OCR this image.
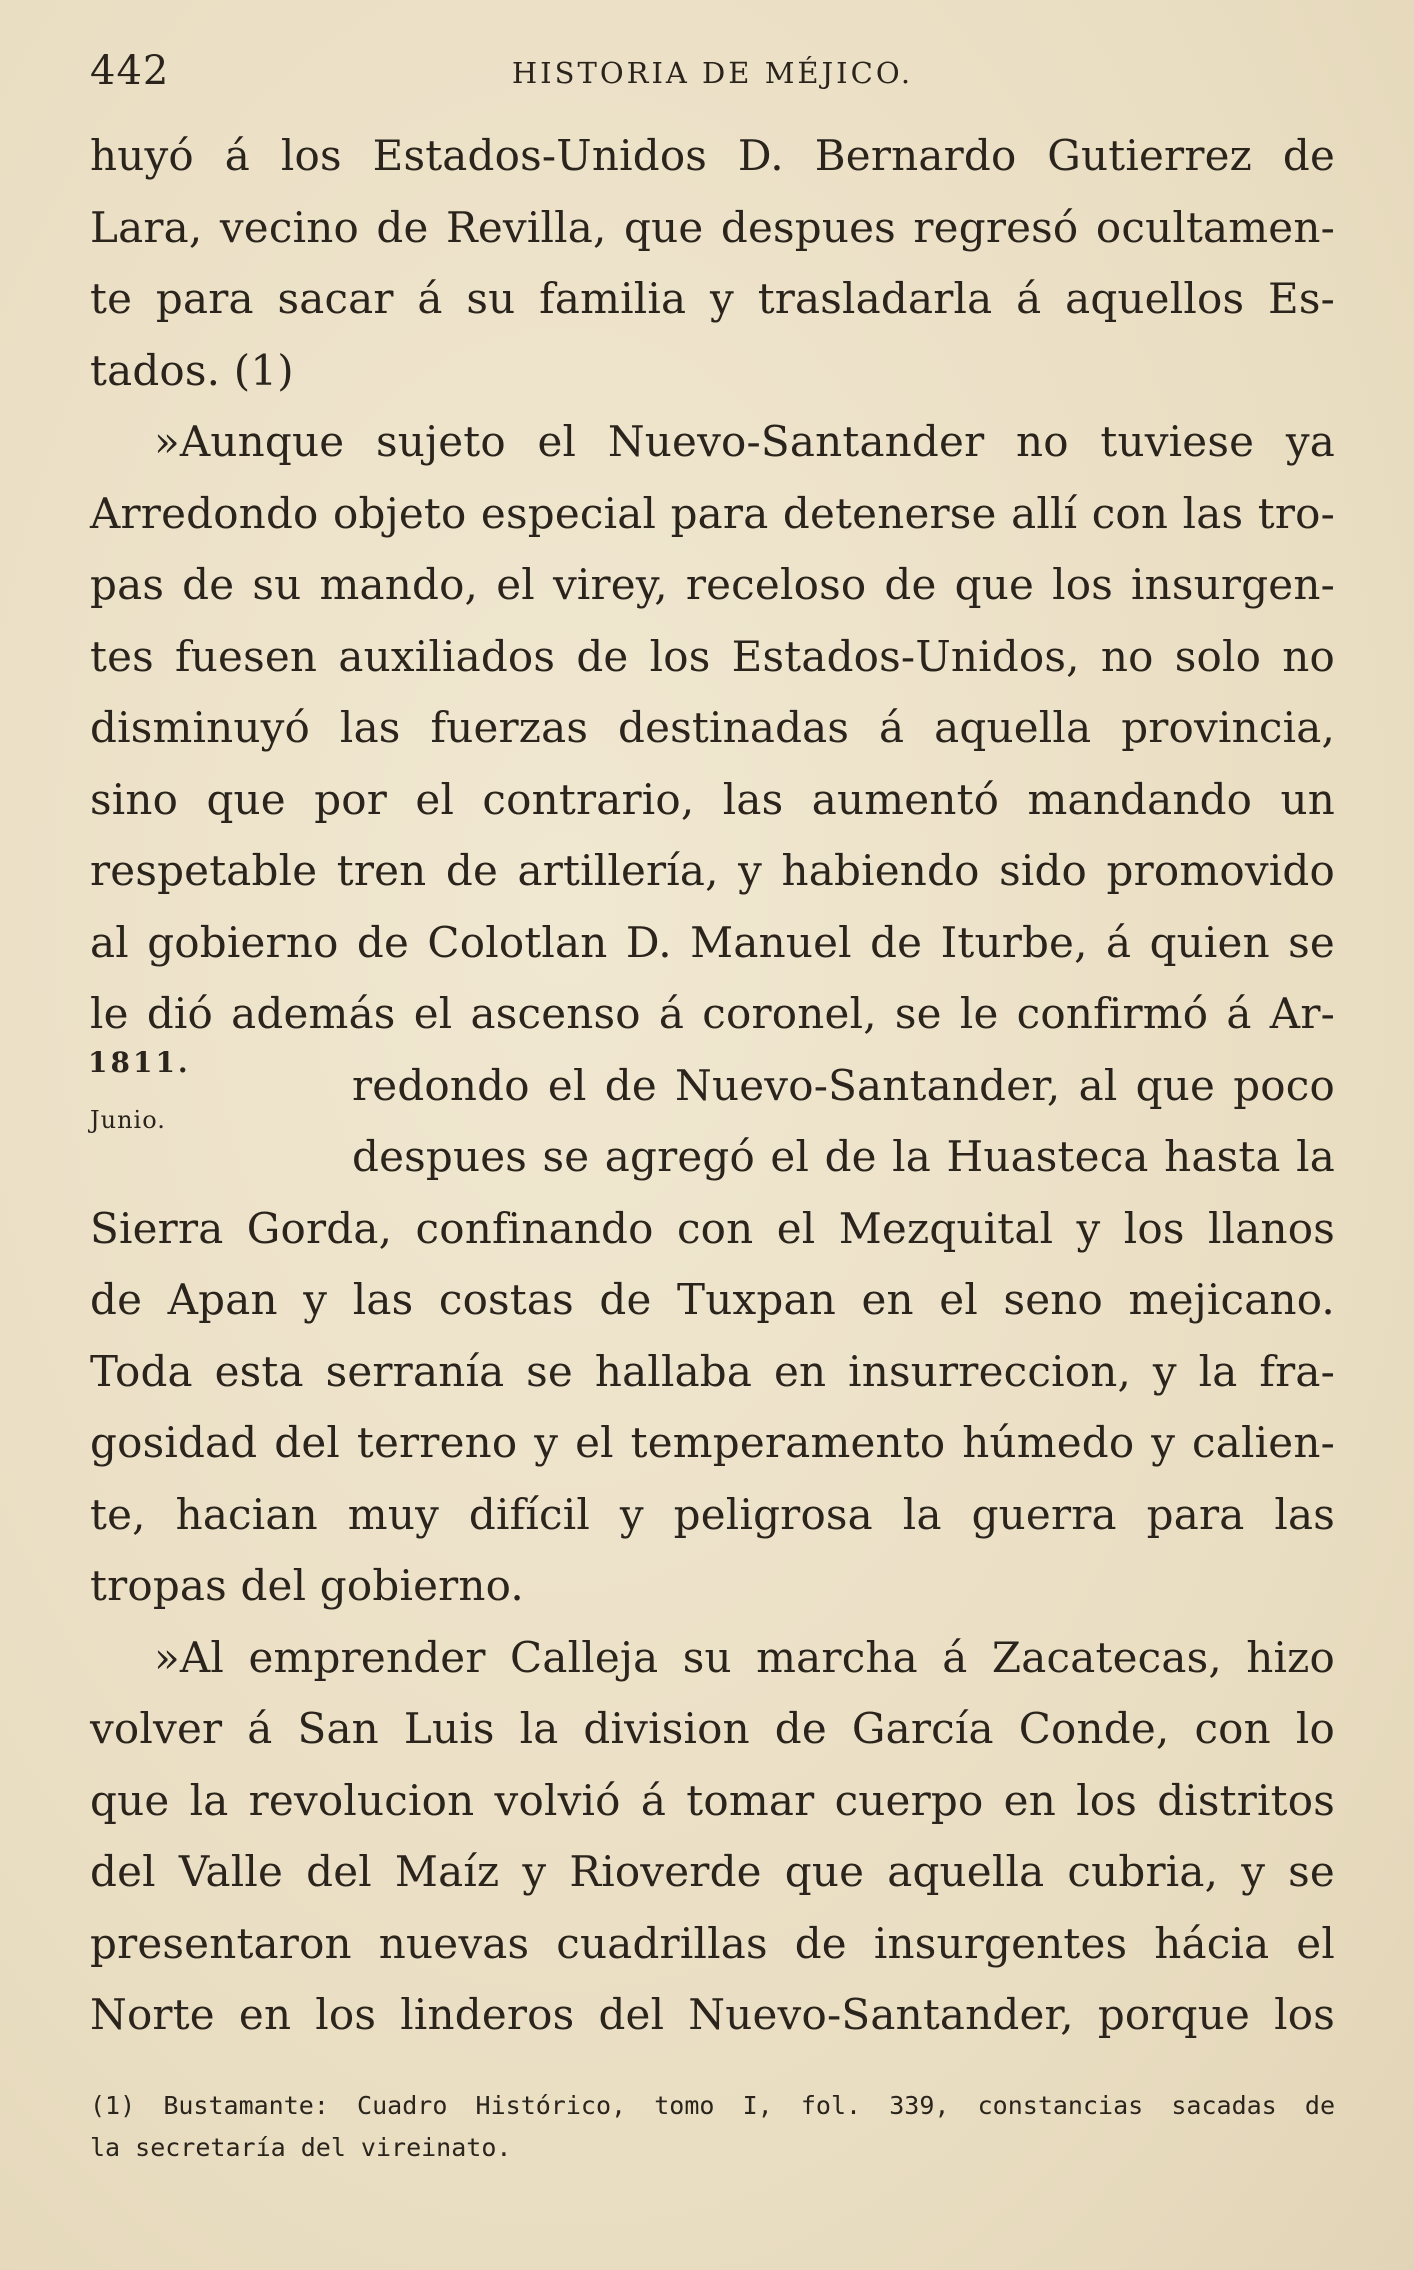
442	HISTORIA DE MÉJICO.
1811.
Junio.
huyó á los Estados-Unidos D. Bernardo Gutierrez de
Lara, vecino de Revilla, que despues regresó ocultamen-
te para sacar á su familia y trasladarla á aquellos Es-
tados. (1)
»Aunque sujeto el Nuevo-Santander no tuviese ya
Arredondo objeto especial para detenerse allí con las tro-
pas de su mando, el virey, receloso de que los insurgen-
tes fuesen auxiliados de los Estados-Unidos, no solo no
disminuyó las fuerzas destinadas á aquella provincia,
sino que por el contrario, las aumentó mandando un
respetable tren de artillería, y habiendo sido promovido
al gobierno de Colotlan D. Manuel de Iturbe, á quien se
le dió además el ascenso á coronel, se le confirmó á Ar-
redondo el de Nuevo-Santander, al que poco
despues se agregó el de la Huasteca hasta la
Sierra Gorda, confinando con el Mezquital y los llanos
de Apan y las costas de Tuxpan en el seno mejicano.
Toda esta serranía se hallaba en insurreccion, y la fra-
gosidad del terreno y el temperamento húmedo y calien-
te, hacian muy difícil y peligrosa la guerra para las
tropas del gobierno.
»Al emprender Calleja su marcha á Zacatecas, hizo
volver á San Luis la division de García Conde, con lo
que la revolucion volvió á tomar cuerpo en los distritos
del Valle del Maíz y Rioverde que aquella cubria, y se
presentaron nuevas cuadrillas de insurgentes hácia el
Norte en los linderos del Nuevo-Santander, porque los
(1) Bustamante: Cuadro Histórico, tomo I, fol. 339, constancias sacadas de
la secretaría del vireinato.
